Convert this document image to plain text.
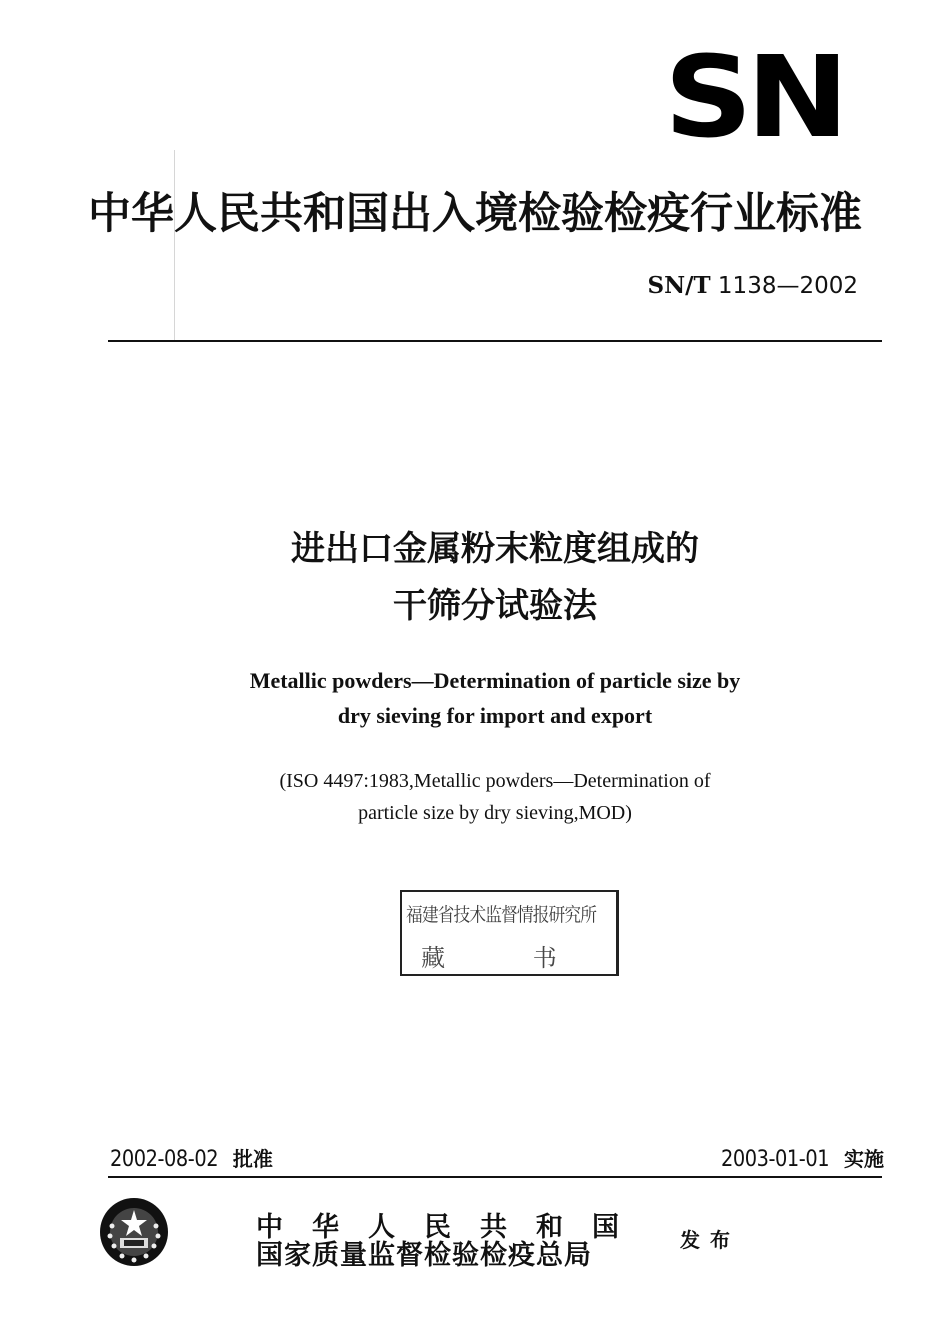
SN
中华人民共和国出入境检验检疫行业标准
SN/T 1138—2002
进出口金属粉末粒度组成的
干筛分试验法
Metallic powders—Determination of particle size by
dry sieving for import and export
(ISO 4497:1983,Metallic powders—Determination of
particle size by dry sieving,MOD)
福建省技术监督情报研究所
藏 书
2002-08-02 批准	2003-01-01 实施
中华人民共和国
国家质量监督检验检疫总局	发布
